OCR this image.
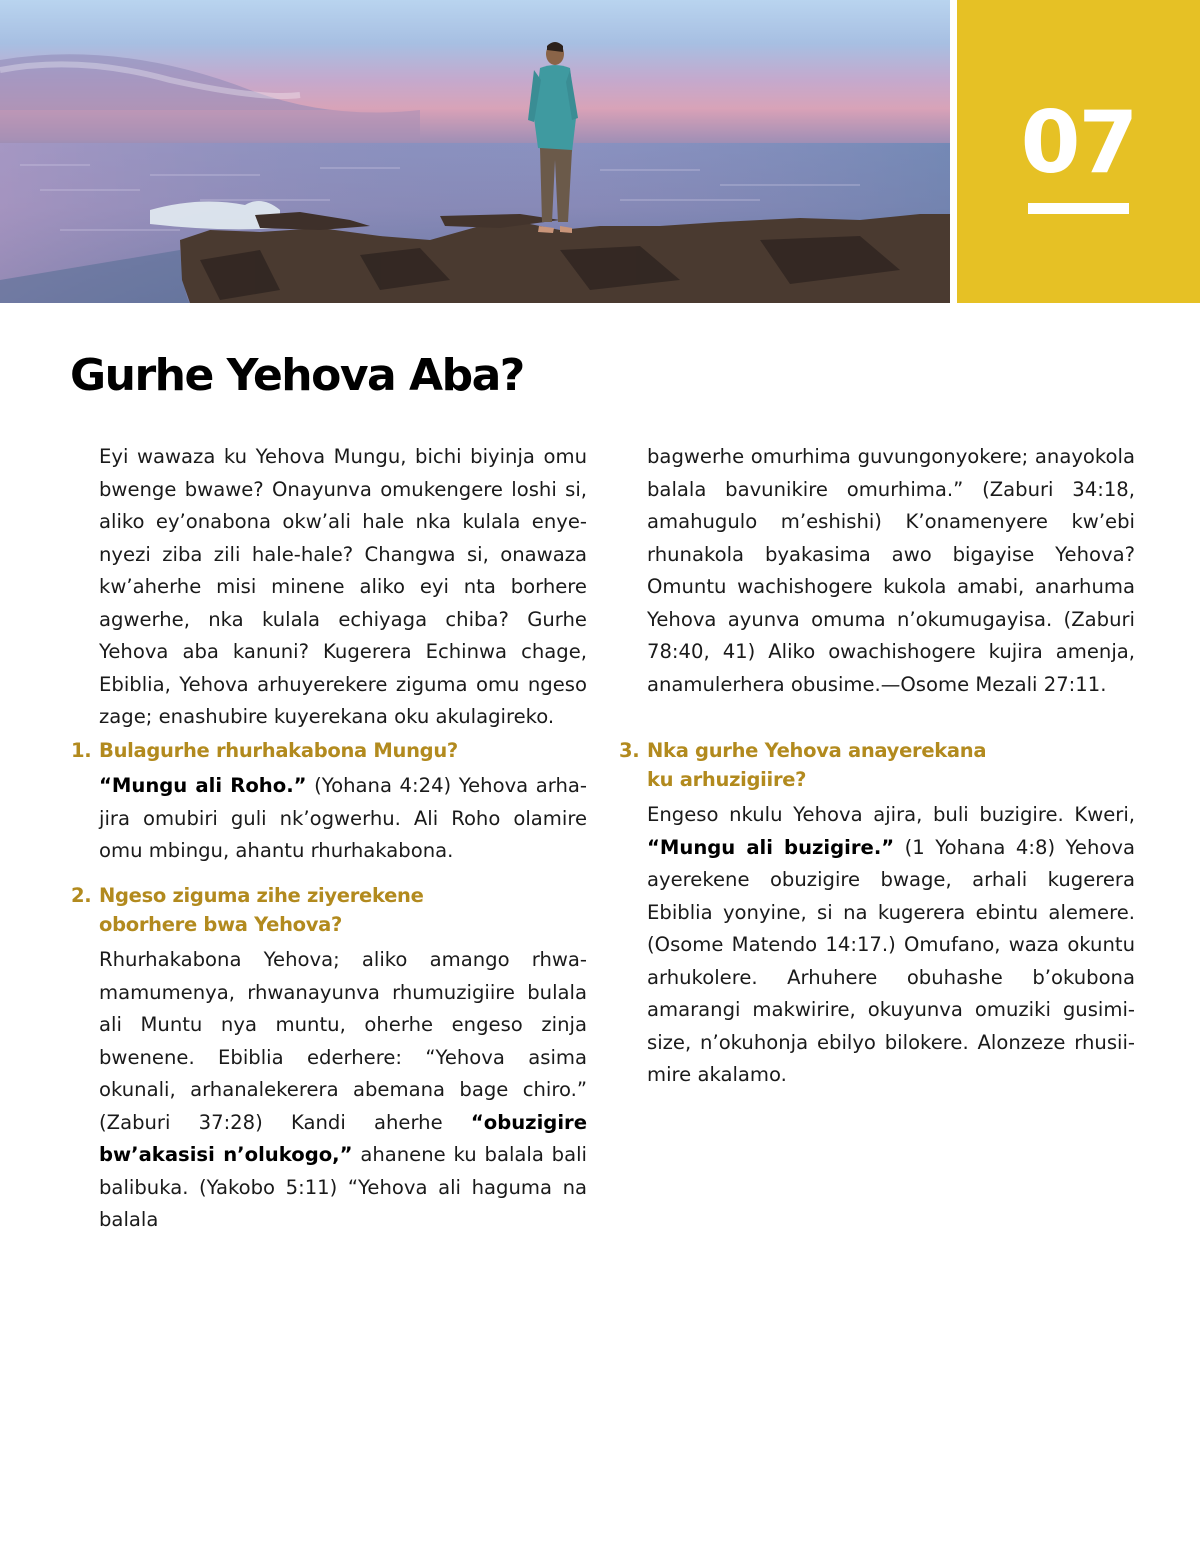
07
Gurhe Yehova Aba?

Eyi wawaza ku Yehova Mungu, bichi biyinja omu bwenge bwawe? Onayunva omukengere loshi si, aliko ey’onabona okw’ali hale nka kulala enyenyezi ziba zili hale-hale? Changwa si, onawaza kw’aherhe misi minene aliko eyi nta borhere agwerhe, nka kulala echiyaga chiba? Gurhe Yehova aba kanuni? Kugerera Echinwa chage, Ebiblia, Yehova arhuyerekere ziguma omu ngeso zage; enashubire kuyerekana oku akulagireko.

1. Bulagurhe rhurhakabona Mungu?

“Mungu ali Roho.” (Yohana 4:24) Yehova arhajira omubiri guli nk’ogwerhu. Ali Roho olamire omu mbingu, ahantu rhurhakabona.

2. Ngeso ziguma zihe ziyerekene
oborhere bwa Yehova?

Rhurhakabona Yehova; aliko amango rhwamamumenya, rhwanayunva rhumuzigiire bulala ali Muntu nya muntu, oherhe engeso zinja bwenene. Ebiblia ederhere: “Yehova asima okunali, arhanalekerera abemana bage chiro.” (Zaburi 37:28) Kandi aherhe “obuzigire bw’akasisi n’olukogo,” ahanene ku balala bali balibuka. (Yakobo 5:11) “Yehova ali haguma na balala

bagwerhe omurhima guvungonyokere; anayokola balala bavunikire omurhima.” (Zaburi 34:18, amahugulo m’eshishi) K’onamenyere kw’ebi rhunakola byakasima awo bigayise Yehova? Omuntu wachishogere kukola amabi, anarhuma Yehova ayunva omuma n’okumugayisa. (Zaburi 78:40, 41) Aliko owachishogere kujira amenja, anamulerhera obusime.—Osome Mezali 27:11.

3. Nka gurhe Yehova anayerekana
ku arhuzigiire?

Engeso nkulu Yehova ajira, buli buzigire. Kweri, “Mungu ali buzigire.” (1 Yohana 4:8) Yehova ayerekene obuzigire bwage, arhali kugerera Ebiblia yonyine, si na kugerera ebintu alemere. (Osome Matendo 14:17.) Omufano, waza okuntu arhukolere. Arhuhere obuhashe b’okubona amarangi makwirire, okuyunva omuziki gusimisize, n’okuhonja ebilyo bilokere. Alonzeze rhusiimire akalamo.
